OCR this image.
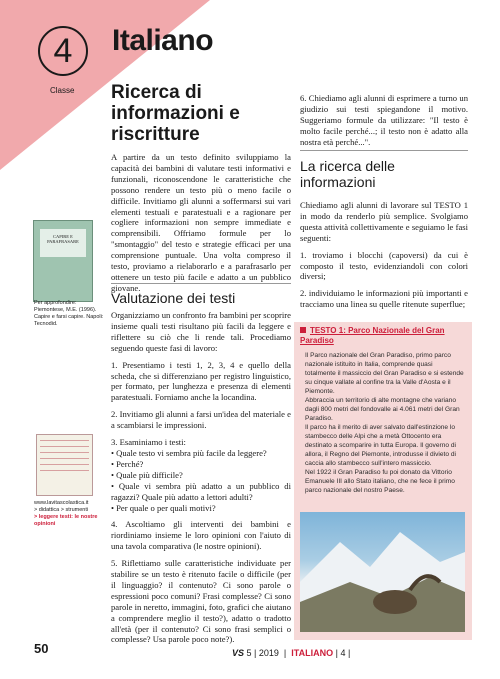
4
Classe
Italiano
Ricerca di informazioni e riscritture
A partire da un testo definito sviluppiamo la capacità dei bambini di valutare testi informativi e funzionali, riconoscendone le caratteristiche che possono rendere un testo più o meno facile o difficile. Invitiamo gli alunni a soffermarsi sui vari elementi testuali e paratestuali e a ragionare per cogliere informazioni non sempre immediate e comprensibili. Offriamo formule per lo "smontaggio" del testo e strategie efficaci per una comprensione puntuale. Una volta compreso il testo, proviamo a rielaborarlo e a parafrasarlo per ottenere un testo più facile e adatto a un pubblico giovane.
Valutazione dei testi

Organizziamo un confronto fra bambini per scoprire insieme quali testi risultano più facili da leggere e riflettere su ciò che li rende tali. Procediamo seguendo queste fasi di lavoro:

1. Presentiamo i testi 1, 2, 3, 4 e quello della scheda, che si differenziano per registro linguistico, per formato, per lunghezza e presenza di elementi paratestuali. Forniamo anche la locandina.

2. Invitiamo gli alunni a farsi un'idea del materiale e a scambiarsi le impressioni.

3. Esaminiamo i testi:
• Quale testo vi sembra più facile da leggere?
• Perché?
• Quale più difficile?
• Quale vi sembra più adatto a un pubblico di ragazzi? Quale più adatto a lettori adulti?

• Per quale o per quali motivi?

4. Ascoltiamo gli interventi dei bambini e riordiniamo insieme le loro opinioni con l'aiuto di una tavola comparativa (le nostre opinioni).

5. Riflettiamo sulle caratteristiche individuate per stabilire se un testo è ritenuto facile o difficile (per il linguaggio? il contenuto? Ci sono parole o espressioni poco comuni? Frasi complesse? Ci sono parole in neretto, immagini, foto, grafici che aiutano a comprendere meglio il testo?), adatto o tradotto all'età (per il contenuto? Ci sono frasi semplici o complesse? Usa parole poco note?).

6. Chiediamo agli alunni di esprimere a turno un giudizio sui testi spiegandone il motivo. Suggeriamo formule da utilizzare: "Il testo è molto facile perché...; il testo non è adatto alla nostra età perché...".
La ricerca delle informazioni

Chiediamo agli alunni di lavorare sul TESTO 1 in modo da renderlo più semplice. Svolgiamo questa attività collettivamente e seguiamo le fasi seguenti:

1. troviamo i blocchi (capoversi) da cui è composto il testo, evidenziandoli con colori diversi;

2. individuiamo le informazioni più importanti e tracciamo una linea su quelle ritenute superflue;

TESTO 1: Parco Nazionale del Gran Paradiso

Il Parco nazionale del Gran Paradiso, primo parco nazionale istituito in Italia, comprende quasi totalmente il massiccio del Gran Paradiso e si estende su cinque vallate al confine tra la Valle d'Aosta e il Piemonte.

Abbraccia un territorio di alte montagne che variano dagli 800 metri del fondovalle ai 4.061 metri del Gran Paradiso.

Il parco ha il merito di aver salvato dall'estinzione lo stambecco delle Alpi che a metà Ottocento era destinato a scomparire in tutta Europa. Il governo di allora, il Regno del Piemonte, introdusse il divieto di caccia allo stambecco sull'intero massiccio.

Nel 1922 il Gran Paradiso fu poi donato da Vittorio Emanuele III allo Stato italiano, che ne fece il primo parco nazionale del nostro Paese.

CAPIRE E PARAFRASARE
Per approfondire: Piemontese, M.E. (1996). Capire e farsi capire. Napoli: Tecnodid.
www.lavitascolastica.it
> didattica > strumenti
> leggere testi: le nostre opinioni
50	VS 5 | 2019  |  ITALIANO | 4 |
